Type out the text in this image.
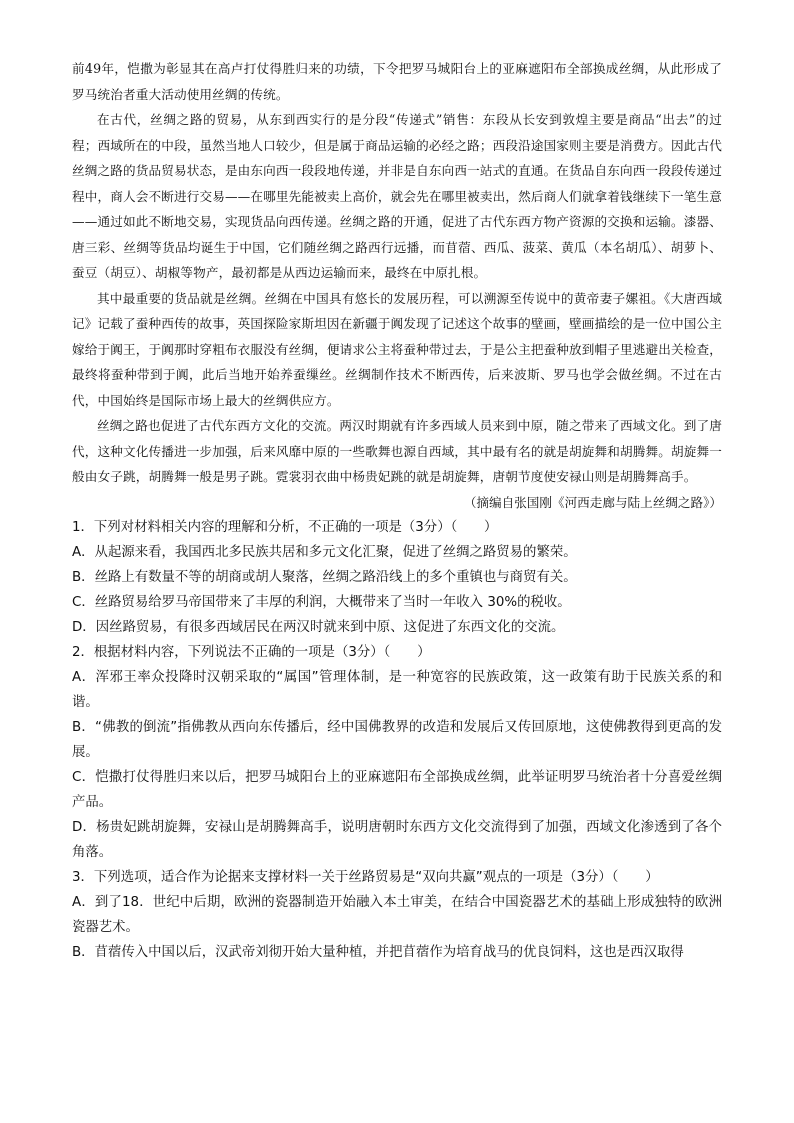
前49年，恺撒为彰显其在高卢打仗得胜归来的功绩，下令把罗马城阳台上的亚麻遮阳布全部换成丝绸，从此形成了罗马统治者重大活动使用丝绸的传统。

在古代，丝绸之路的贸易，从东到西实行的是分段“传递式”销售：东段从长安到敦煌主要是商品“出去”的过程；西域所在的中段，虽然当地人口较少，但是属于商品运输的必经之路；西段沿途国家则主要是消费方。因此古代丝绸之路的货品贸易状态，是由东向西一段段地传递，并非是自东向西一站式的直通。在货品自东向西一段段传递过程中，商人会不断进行交易——在哪里先能被卖上高价，就会先在哪里被卖出，然后商人们就拿着钱继续下一笔生意——通过如此不断地交易，实现货品向西传递。丝绸之路的开通，促进了古代东西方物产资源的交换和运输。漆器、唐三彩、丝绸等货品均诞生于中国，它们随丝绸之路西行远播，而苜蓿、西瓜、菠菜、黄瓜（本名胡瓜）、胡萝卜、蚕豆（胡豆）、胡椒等物产，最初都是从西边运输而来，最终在中原扎根。

其中最重要的货品就是丝绸。丝绸在中国具有悠长的发展历程，可以溯源至传说中的黄帝妻子嫘祖。《大唐西域记》记载了蚕种西传的故事，英国探险家斯坦因在新疆于阗发现了记述这个故事的壁画，壁画描绘的是一位中国公主嫁给于阗王，于阗那时穿粗布衣服没有丝绸，便请求公主将蚕种带过去，于是公主把蚕种放到帽子里逃避出关检查，最终将蚕种带到于阗，此后当地开始养蚕缫丝。丝绸制作技术不断西传，后来波斯、罗马也学会做丝绸。不过在古代，中国始终是国际市场上最大的丝绸供应方。

丝绸之路也促进了古代东西方文化的交流。两汉时期就有许多西域人员来到中原，随之带来了西域文化。到了唐代，这种文化传播进一步加强，后来风靡中原的一些歌舞也源自西域，其中最有名的就是胡旋舞和胡腾舞。胡旋舞一般由女子跳，胡腾舞一般是男子跳。霓裳羽衣曲中杨贵妃跳的就是胡旋舞，唐朝节度使安禄山则是胡腾舞高手。

（摘编自张国刚《河西走廊与陆上丝绸之路》）

1．下列对材料相关内容的理解和分析，不正确的一项是（3分）（　　）

A．从起源来看，我国西北多民族共居和多元文化汇聚，促进了丝绸之路贸易的繁荣。

B．丝路上有数量不等的胡商或胡人聚落，丝绸之路沿线上的多个重镇也与商贸有关。

C．丝路贸易给罗马帝国带来了丰厚的利润，大概带来了当时一年收入 30%的税收。

D．因丝路贸易，有很多西域居民在两汉时就来到中原、这促进了东西文化的交流。

2．根据材料内容，下列说法不正确的一项是（3分）（　　）

A．浑邪王率众投降时汉朝采取的“属国”管理体制，是一种宽容的民族政策，这一政策有助于民族关系的和谐。

B．“佛教的倒流”指佛教从西向东传播后，经中国佛教界的改造和发展后又传回原地，这使佛教得到更高的发展。

C．恺撒打仗得胜归来以后，把罗马城阳台上的亚麻遮阳布全部换成丝绸，此举证明罗马统治者十分喜爱丝绸产品。

D．杨贵妃跳胡旋舞，安禄山是胡腾舞高手，说明唐朝时东西方文化交流得到了加强，西域文化渗透到了各个角落。

3．下列选项，适合作为论据来支撑材料一关于丝路贸易是“双向共赢”观点的一项是（3分）（　　）

A．到了18．世纪中后期，欧洲的瓷器制造开始融入本土审美，在结合中国瓷器艺术的基础上形成独特的欧洲瓷器艺术。

B．苜蓿传入中国以后，汉武帝刘彻开始大量种植，并把苜蓿作为培育战马的优良饲料，这也是西汉取得
